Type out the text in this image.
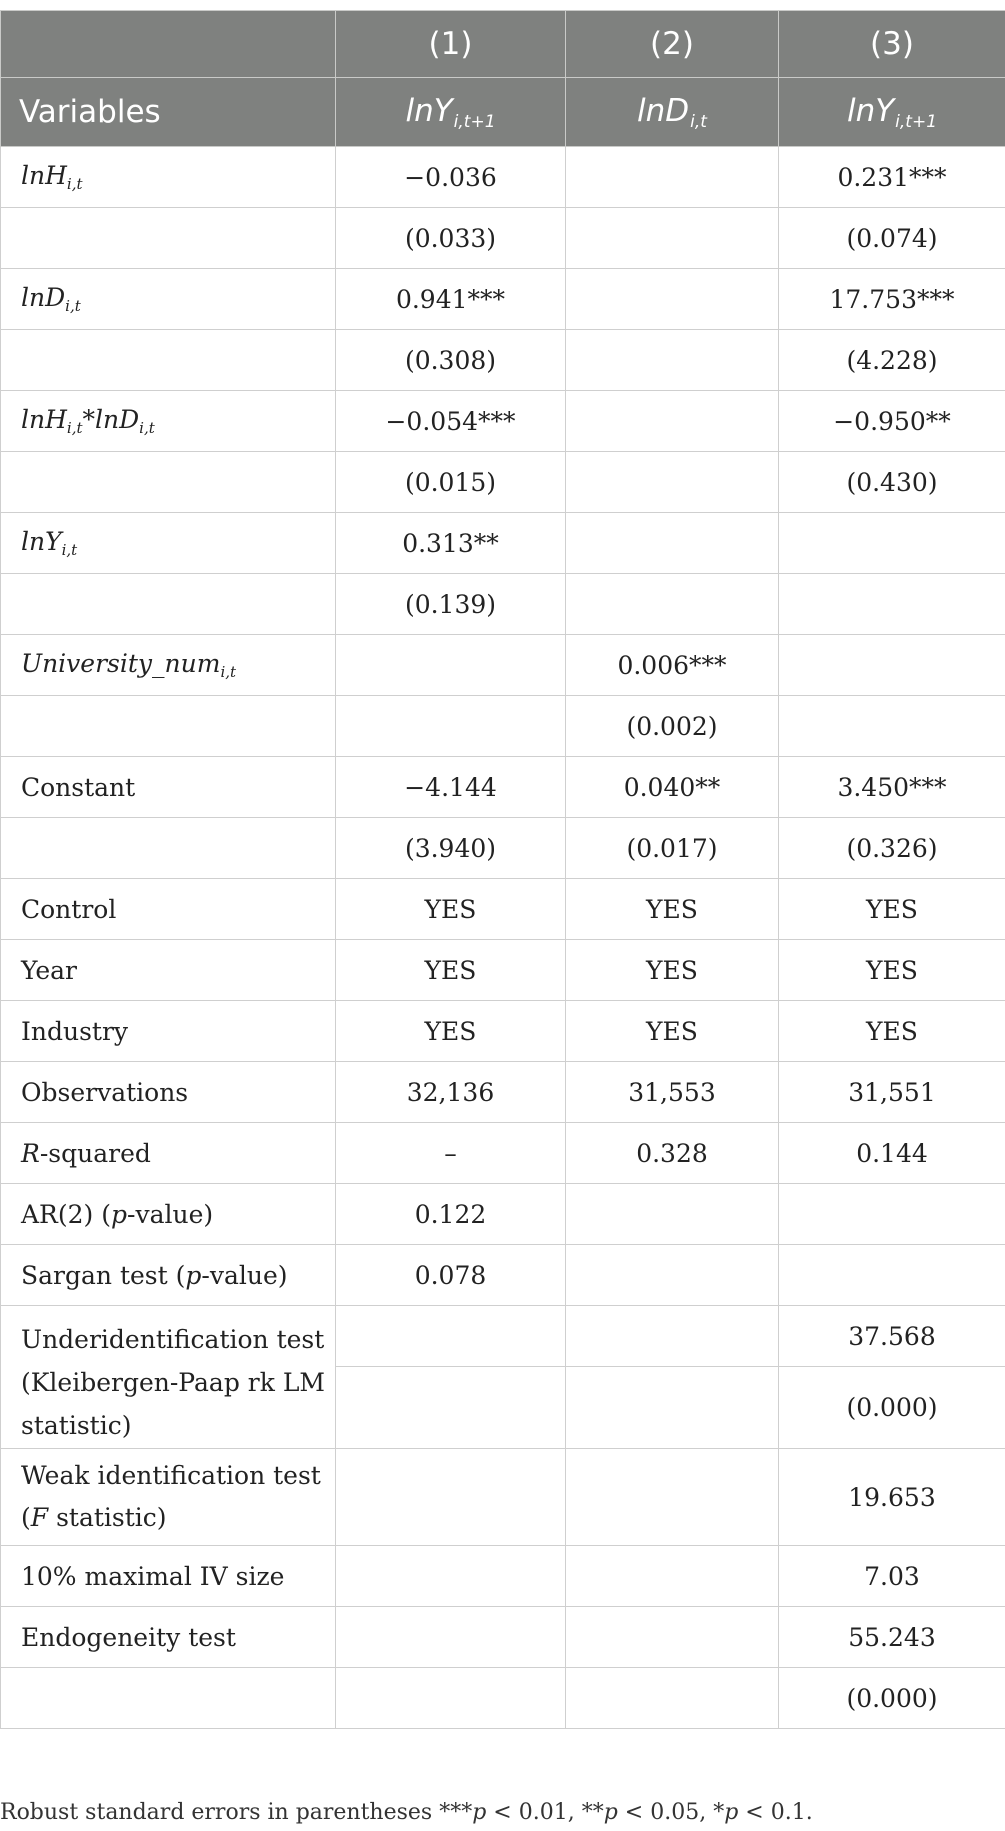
	(1)	(2)	(3)
Variables	lnY$_{i,t+1}$	lnD$_{i,t}$	lnY$_{i,t+1}$
lnH$_{i,t}$	−0.036		0.231***
	(0.033)		(0.074)
lnD$_{i,t}$	0.941***		17.753***
	(0.308)		(4.228)
lnH$_{i,t}$*lnD$_{i,t}$	−0.054***		−0.950**
	(0.015)		(0.430)
lnY$_{i,t}$	0.313**		
	(0.139)		
University_num$_{i,t}$		0.006***	
		(0.002)	
Constant	−4.144	0.040**	3.450***
	(3.940)	(0.017)	(0.326)
Control	YES	YES	YES
Year	YES	YES	YES
Industry	YES	YES	YES
Observations	32,136	31,553	31,551
R-squared	–	0.328	0.144
AR(2) (p-value)	0.122		
Sargan test (p-value)	0.078		

Underidentification test
(Kleibergen-Paap rk LM
statistic)			37.568
			(0.000)

Weak identification test
(F statistic)			19.653
10% maximal IV size			7.03
Endogeneity test			55.243
			(0.000)
Robust standard errors in parentheses ***p < 0.01, **p < 0.05, *p < 0.1.
